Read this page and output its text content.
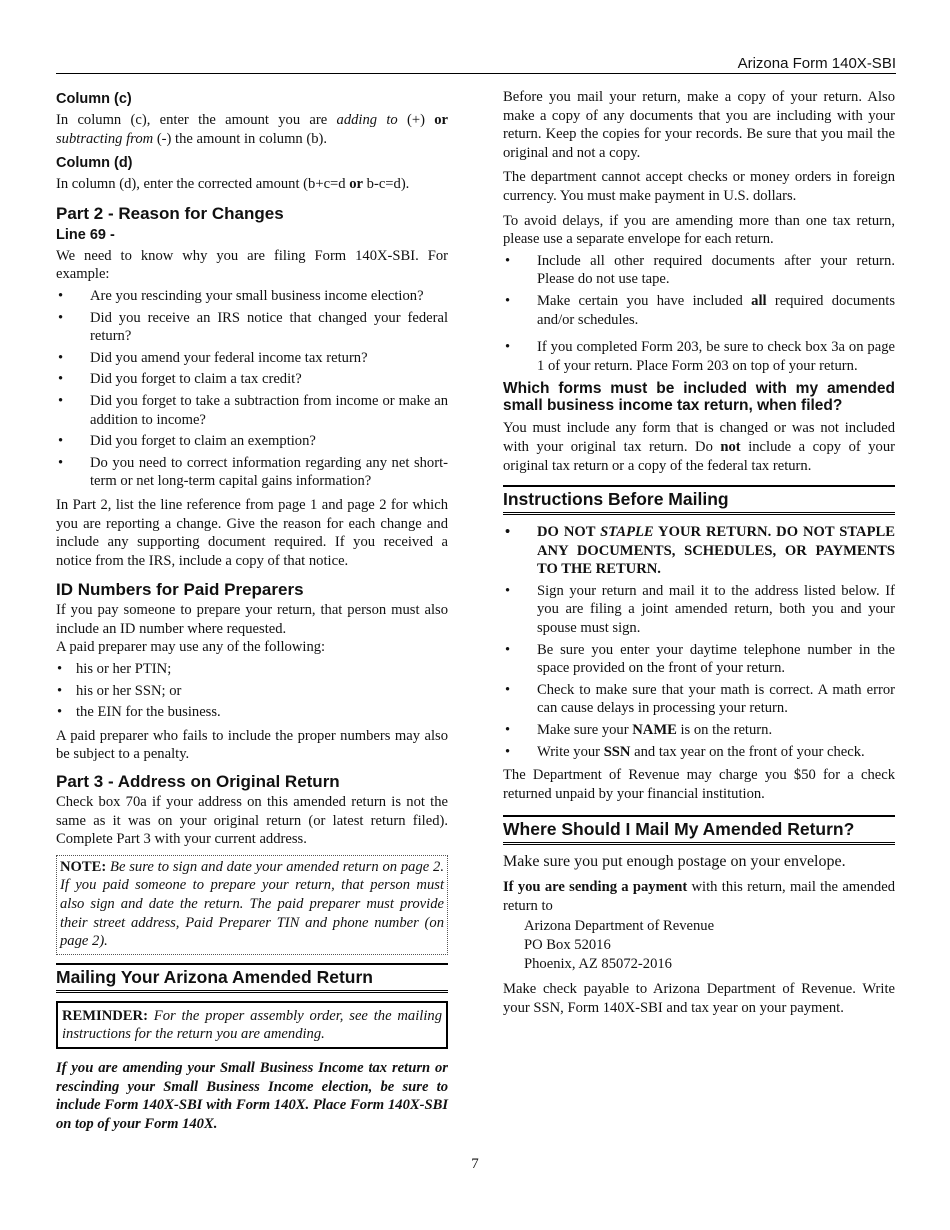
Arizona Form 140X-SBI
Column (c)

In column (c), enter the amount you are adding to (+) or subtracting from (-) the amount in column (b).

Column (d)

In column (d), enter the corrected amount (b+c=d or b-c=d).

Part 2 - Reason for Changes
Line 69 -

We need to know why you are filing Form 140X-SBI. For example:

• Are you rescinding your small business income election?
• Did you receive an IRS notice that changed your federal return?
• Did you amend your federal income tax return?
• Did you forget to claim a tax credit?
• Did you forget to take a subtraction from income or make an addition to income?
• Did you forget to claim an exemption?
• Do you need to correct information regarding any net short-term or net long-term capital gains information?

In Part 2, list the line reference from page 1 and page 2 for which you are reporting a change. Give the reason for each change and include any supporting document required. If you received a notice from the IRS, include a copy of that notice.

ID Numbers for Paid Preparers

If you pay someone to prepare your return, that person must also include an ID number where requested.

A paid preparer may use any of the following:

• his or her PTIN;
• his or her SSN; or
• the EIN for the business.

A paid preparer who fails to include the proper numbers may also be subject to a penalty.

Part 3 - Address on Original Return

Check box 70a if your address on this amended return is not the same as it was on your original return (or latest return filed). Complete Part 3 with your current address.

NOTE: Be sure to sign and date your amended return on page 2. If you paid someone to prepare your return, that person must also sign and date the return. The paid preparer must provide their street address, Paid Preparer TIN and phone number (on page 2).
Mailing Your Arizona Amended Return
REMINDER: For the proper assembly order, see the mailing instructions for the return you are amending.

If you are amending your Small Business Income tax return or rescinding your Small Business Income election, be sure to include Form 140X-SBI with Form 140X. Place Form 140X-SBI on top of your Form 140X.

Before you mail your return, make a copy of your return. Also make a copy of any documents that you are including with your return. Keep the copies for your records. Be sure that you mail the original and not a copy.

The department cannot accept checks or money orders in foreign currency. You must make payment in U.S. dollars.

To avoid delays, if you are amending more than one tax return, please use a separate envelope for each return.

• Include all other required documents after your return. Please do not use tape.
• Make certain you have included all required documents and/or schedules.
• If you completed Form 203, be sure to check box 3a on page 1 of your return. Place Form 203 on top of your return.
Which forms must be included with my amended small business income tax return, when filed?

You must include any form that is changed or was not included with your original tax return. Do not include a copy of your original tax return or a copy of the federal tax return.

Instructions Before Mailing
• DO NOT STAPLE YOUR RETURN. DO NOT STAPLE ANY DOCUMENTS, SCHEDULES, OR PAYMENTS TO THE RETURN.
• Sign your return and mail it to the address listed below. If you are filing a joint amended return, both you and your spouse must sign.
• Be sure you enter your daytime telephone number in the space provided on the front of your return.
• Check to make sure that your math is correct. A math error can cause delays in processing your return.
• Make sure your NAME is on the return.
• Write your SSN and tax year on the front of your check.

The Department of Revenue may charge you $50 for a check returned unpaid by your financial institution.

Where Should I Mail My Amended Return?

Make sure you put enough postage on your envelope.

If you are sending a payment with this return, mail the amended return to

Arizona Department of Revenue
PO Box 52016
Phoenix, AZ 85072-2016

Make check payable to Arizona Department of Revenue. Write your SSN, Form 140X-SBI and tax year on your payment.

7
